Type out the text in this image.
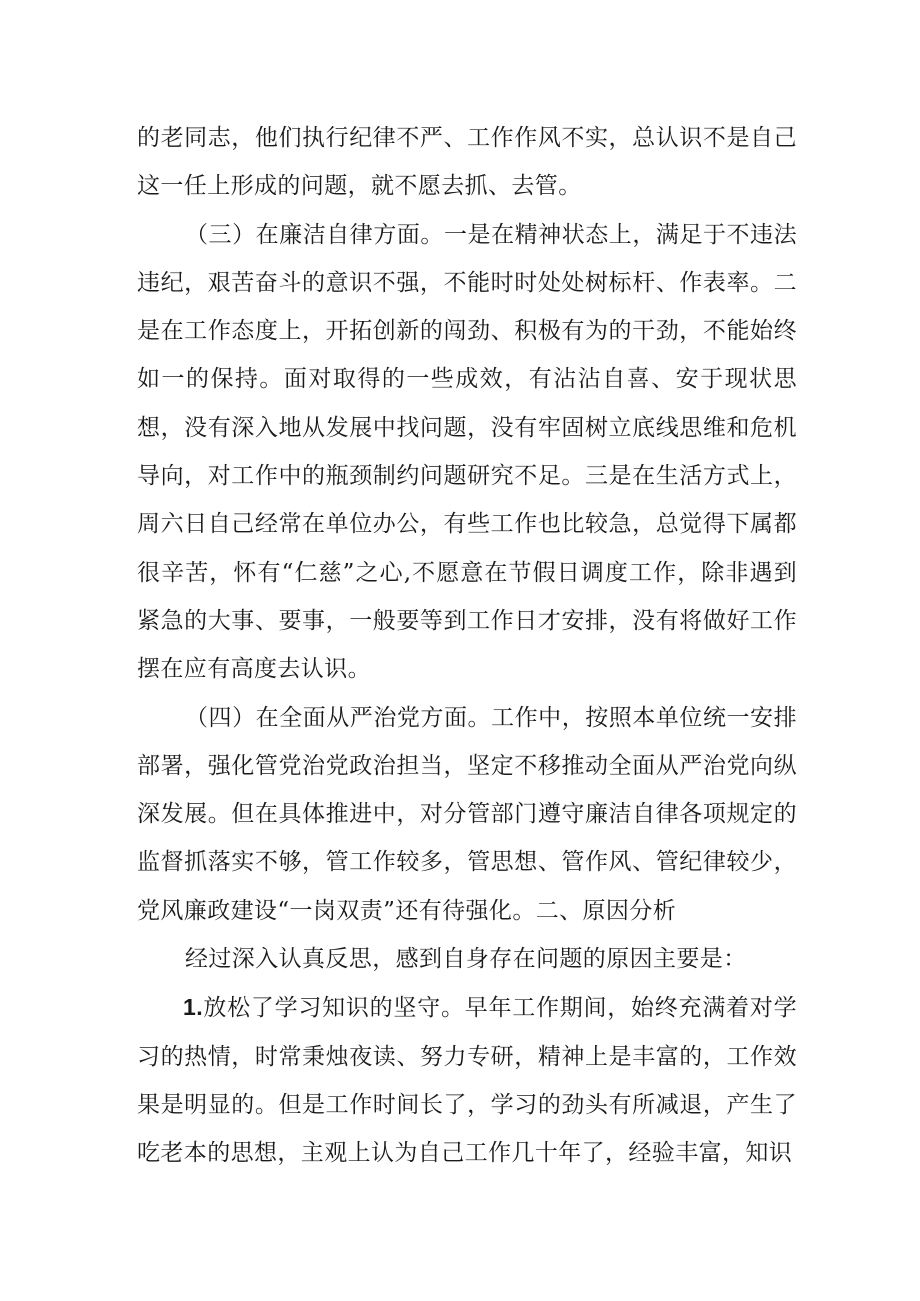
的老同志，他们执行纪律不严、工作作风不实，总认识不是自己这一任上形成的问题，就不愿去抓、去管。

（三）在廉洁自律方面。一是在精神状态上，满足于不违法违纪，艰苦奋斗的意识不强，不能时时处处树标杆、作表率。二是在工作态度上，开拓创新的闯劲、积极有为的干劲，不能始终如一的保持。面对取得的一些成效，有沾沾自喜、安于现状思想，没有深入地从发展中找问题，没有牢固树立底线思维和危机导向，对工作中的瓶颈制约问题研究不足。三是在生活方式上，周六日自己经常在单位办公，有些工作也比较急，总觉得下属都很辛苦，怀有“仁慈”之心,不愿意在节假日调度工作，除非遇到紧急的大事、要事，一般要等到工作日才安排，没有将做好工作摆在应有高度去认识。

（四）在全面从严治党方面。工作中，按照本单位统一安排部署，强化管党治党政治担当，坚定不移推动全面从严治党向纵深发展。但在具体推进中，对分管部门遵守廉洁自律各项规定的监督抓落实不够，管工作较多，管思想、管作风、管纪律较少，党风廉政建设“一岗双责”还有待强化。二、原因分析

经过深入认真反思，感到自身存在问题的原因主要是：

1.放松了学习知识的坚守。早年工作期间，始终充满着对学习的热情，时常秉烛夜读、努力专研，精神上是丰富的，工作效果是明显的。但是工作时间长了，学习的劲头有所减退，产生了吃老本的思想，主观上认为自己工作几十年了，经验丰富，知识
